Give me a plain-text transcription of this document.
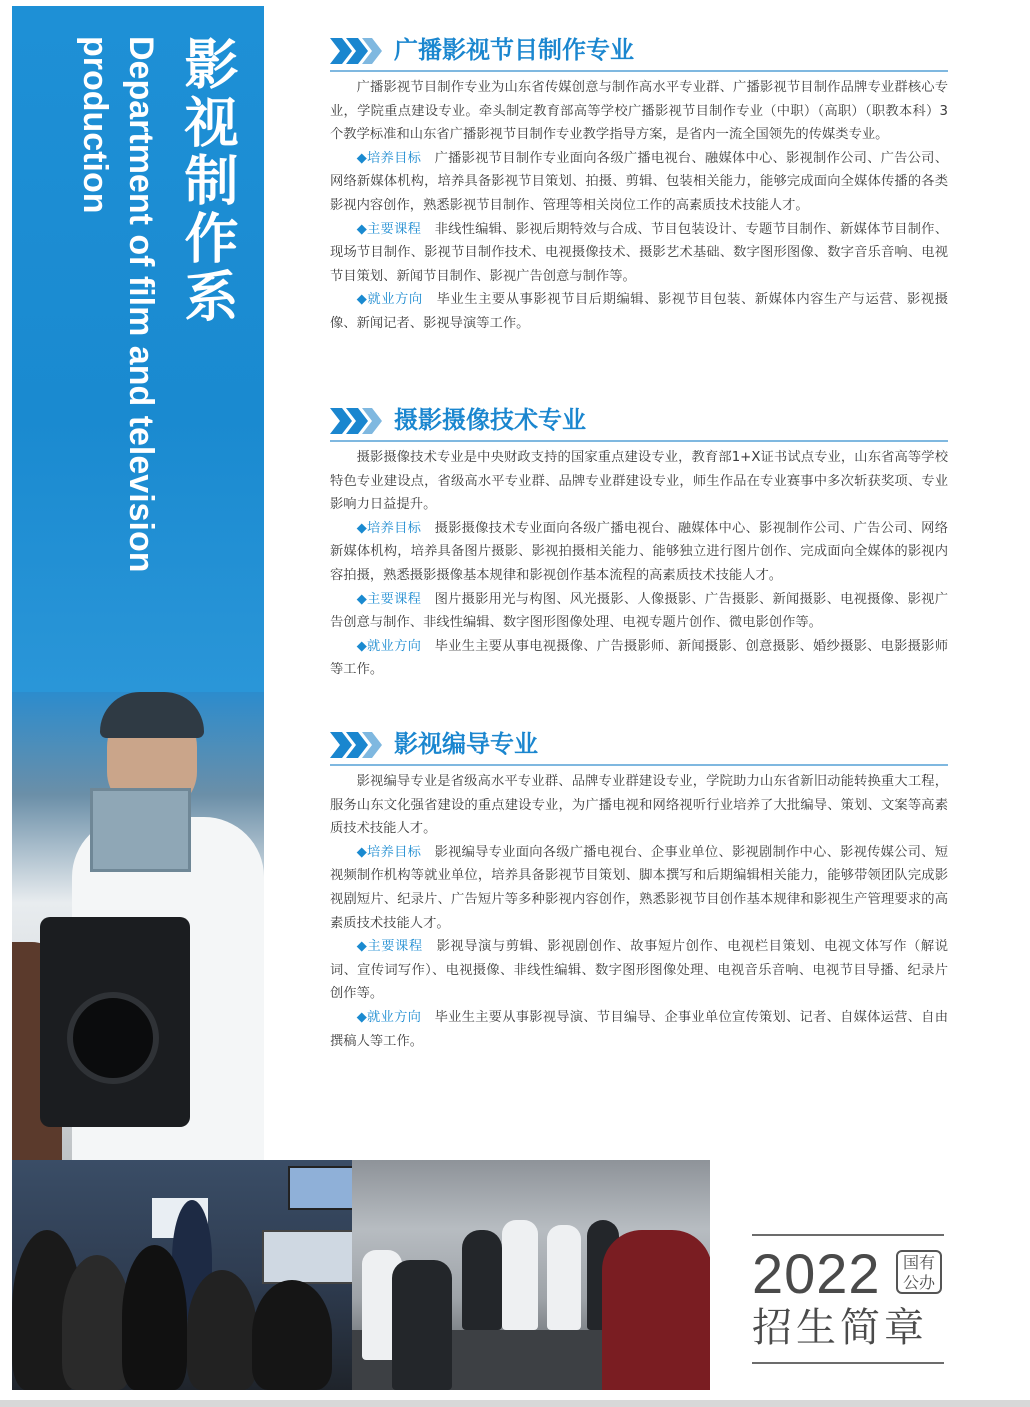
影视制作系
Department of film and television
production	广播影视节目制作专业

广播影视节目制作专业为山东省传媒创意与制作高水平专业群、广播影视节目制作品牌专业群核心专业，学院重点建设专业。牵头制定教育部高等学校广播影视节目制作专业（中职）（高职）（职教本科）3个教学标准和山东省广播影视节目制作专业教学指导方案，是省内一流全国领先的传媒类专业。

◆培养目标　 广播影视节目制作专业面向各级广播电视台、融媒体中心、影视制作公司、广告公司、网络新媒体机构，培养具备影视节目策划、拍摄、剪辑、包装相关能力，能够完成面向全媒体传播的各类影视内容创作，熟悉影视节目制作、管理等相关岗位工作的高素质技术技能人才。

◆主要课程　 非线性编辑、影视后期特效与合成、节目包装设计、专题节目制作、新媒体节目制作、现场节目制作、影视节目制作技术、电视摄像技术、摄影艺术基础、数字图形图像、数字音乐音响、电视节目策划、新闻节目制作、影视广告创意与制作等。

◆就业方向　 毕业生主要从事影视节目后期编辑、影视节目包装、新媒体内容生产与运营、影视摄像、新闻记者、影视导演等工作。

摄影摄像技术专业

摄影摄像技术专业是中央财政支持的国家重点建设专业，教育部1+X证书试点专业，山东省高等学校特色专业建设点，省级高水平专业群、品牌专业群建设专业，师生作品在专业赛事中多次斩获奖项、专业影响力日益提升。

◆培养目标　 摄影摄像技术专业面向各级广播电视台、融媒体中心、影视制作公司、广告公司、网络新媒体机构，培养具备图片摄影、影视拍摄相关能力、能够独立进行图片创作、完成面向全媒体的影视内容拍摄，熟悉摄影摄像基本规律和影视创作基本流程的高素质技术技能人才。

◆主要课程　 图片摄影用光与构图、风光摄影、人像摄影、广告摄影、新闻摄影、电视摄像、影视广告创意与制作、非线性编辑、数字图形图像处理、电视专题片创作、微电影创作等。

◆就业方向　 毕业生主要从事电视摄像、广告摄影师、新闻摄影、创意摄影、婚纱摄影、电影摄影师等工作。

影视编导专业

影视编导专业是省级高水平专业群、品牌专业群建设专业，学院助力山东省新旧动能转换重大工程，服务山东文化强省建设的重点建设专业，为广播电视和网络视听行业培养了大批编导、策划、文案等高素质技术技能人才。

◆培养目标　 影视编导专业面向各级广播电视台、企事业单位、影视剧制作中心、影视传媒公司、短视频制作机构等就业单位，培养具备影视节目策划、脚本撰写和后期编辑相关能力，能够带领团队完成影视剧短片、纪录片、广告短片等多种影视内容创作，熟悉影视节目创作基本规律和影视生产管理要求的高素质技术技能人才。

◆主要课程　 影视导演与剪辑、影视剧创作、故事短片创作、电视栏目策划、电视文体写作（解说词、宣传词写作）、电视摄像、非线性编辑、数字图形图像处理、电视音乐音响、电视节目导播、纪录片创作等。

◆就业方向　 毕业生主要从事影视导演、节目编导、企事业单位宣传策划、记者、自媒体运营、自由撰稿人等工作。

2022	国有
公办
招生简章
